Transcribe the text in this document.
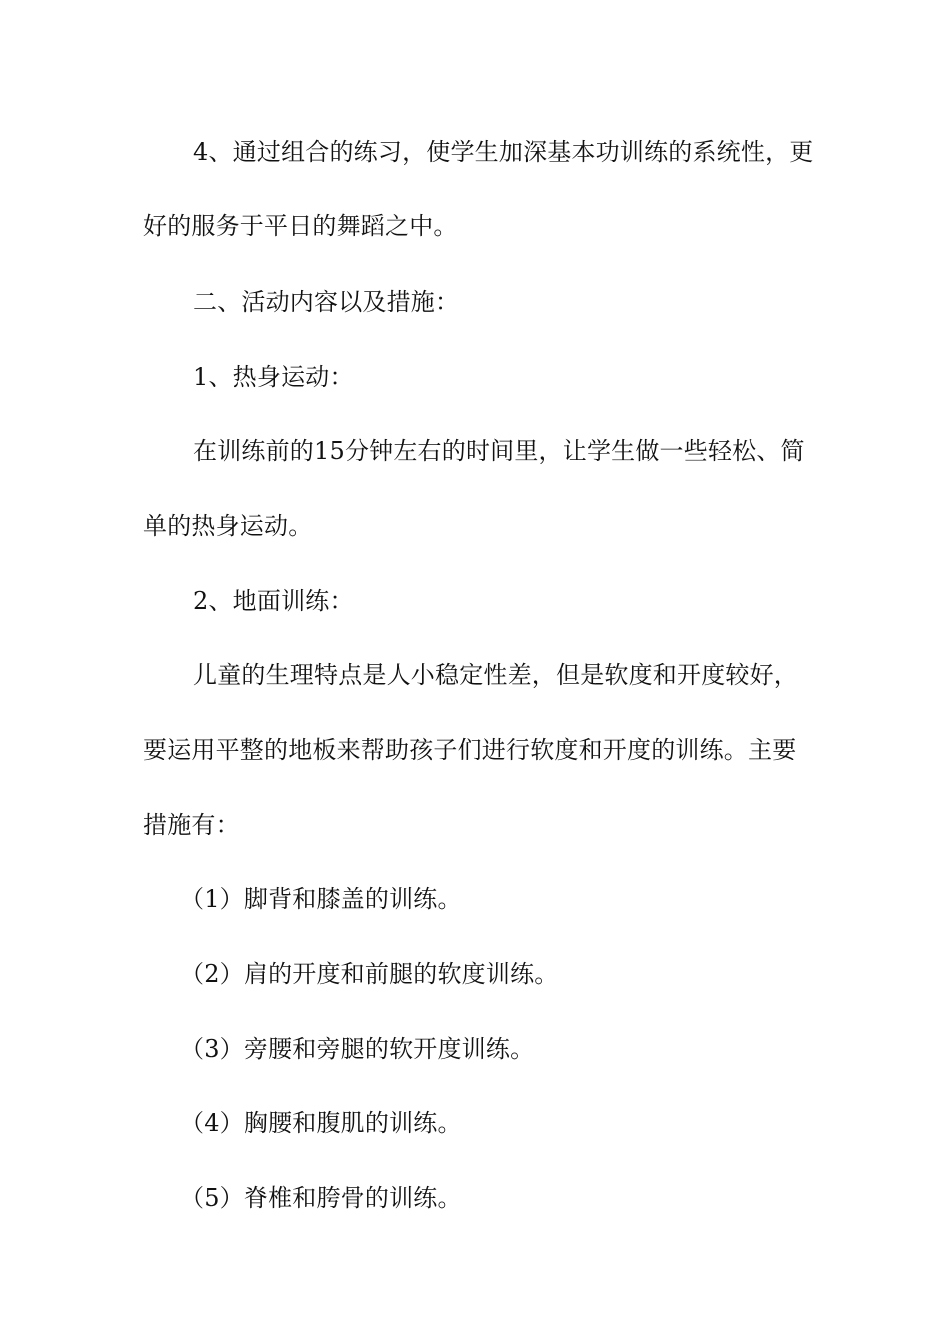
4、通过组合的练习，使学生加深基本功训练的系统性，更
好的服务于平日的舞蹈之中。
二、活动内容以及措施：
1、热身运动：
在训练前的15分钟左右的时间里，让学生做一些轻松、简
单的热身运动。
2、地面训练：
儿童的生理特点是人小稳定性差，但是软度和开度较好，
要运用平整的地板来帮助孩子们进行软度和开度的训练。主要
措施有：
（1）脚背和膝盖的训练。
（2）肩的开度和前腿的软度训练。
（3）旁腰和旁腿的软开度训练。
（4）胸腰和腹肌的训练。
（5）脊椎和胯骨的训练。
